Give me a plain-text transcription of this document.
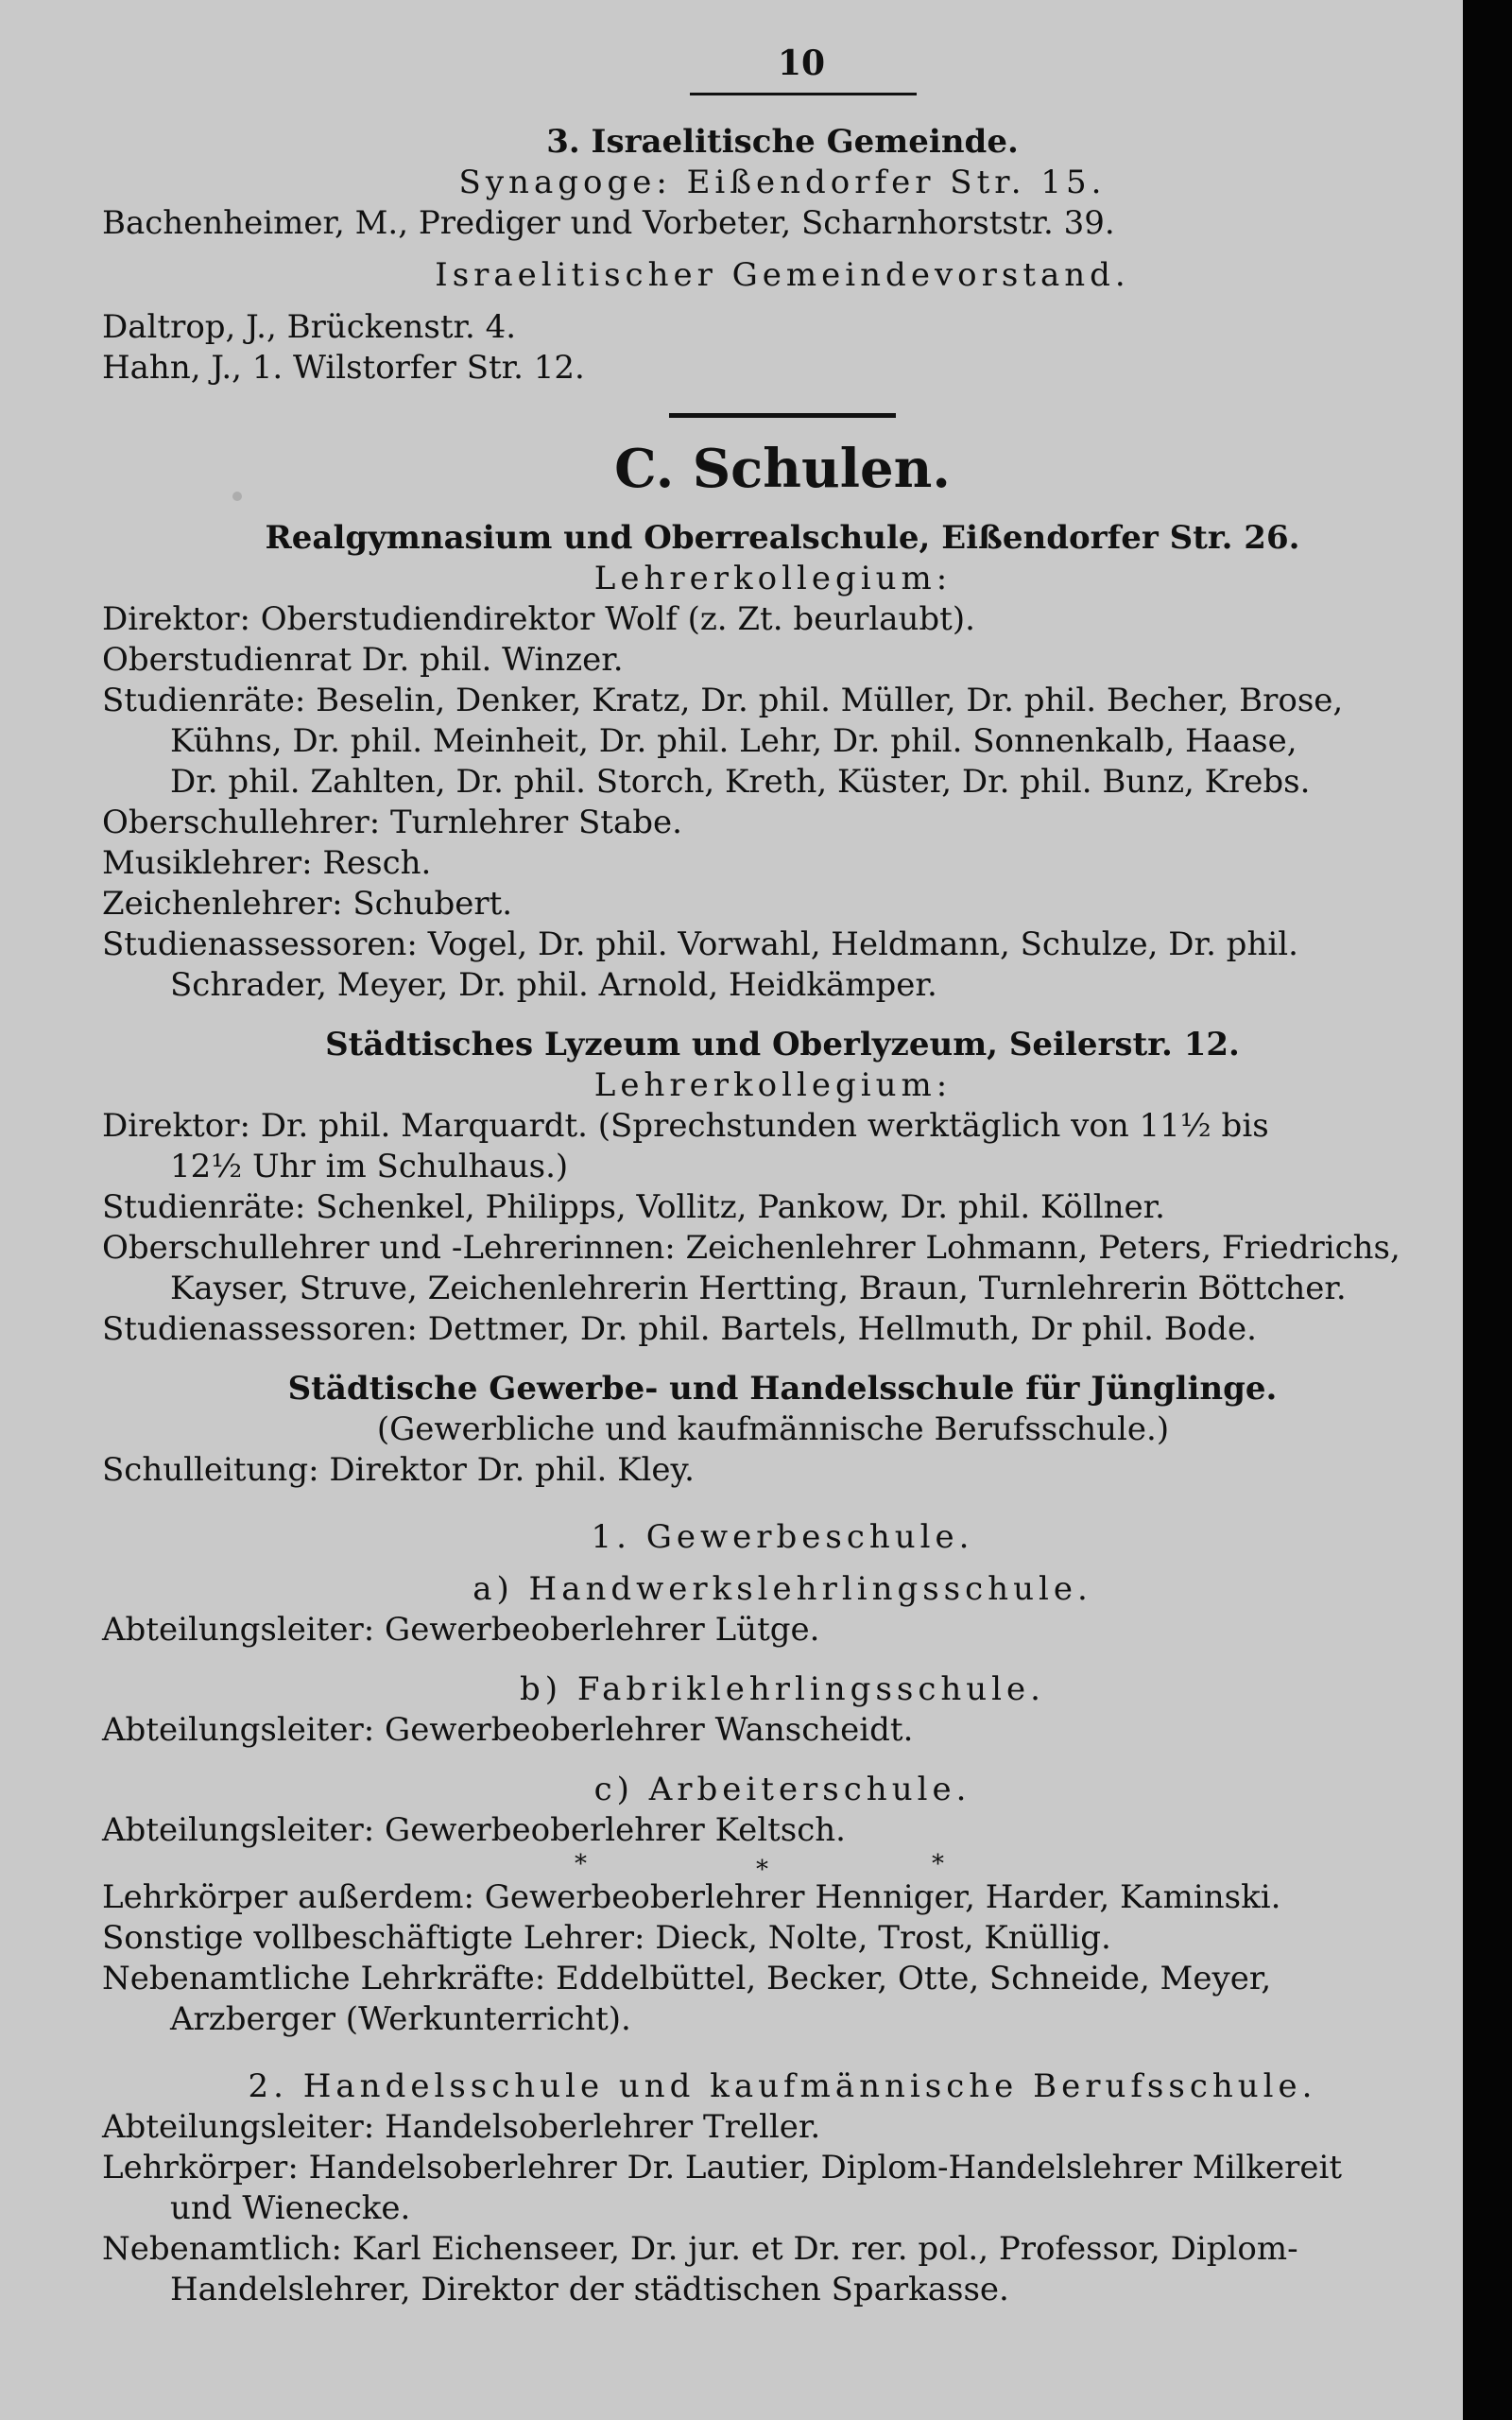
10
3. Israelitische Gemeinde.
Synagoge: Eißendorfer Str. 15.
Bachenheimer, M., Prediger und Vorbeter, Scharnhorststr. 39.
Israelitischer Gemeindevorstand.
Daltrop, J., Brückenstr. 4.
Hahn, J., 1. Wilstorfer Str. 12.
C. Schulen.
Realgymnasium und Oberrealschule, Eißendorfer Str. 26.
Lehrerkollegium:
Direktor: Oberstudiendirektor Wolf (z. Zt. beurlaubt).
Oberstudienrat Dr. phil. Winzer.
Studienräte: Beselin, Denker, Kratz, Dr. phil. Müller, Dr. phil. Becher, Brose,
Kühns, Dr. phil. Meinheit, Dr. phil. Lehr, Dr. phil. Sonnenkalb, Haase,
Dr. phil. Zahlten, Dr. phil. Storch, Kreth, Küster, Dr. phil. Bunz, Krebs.
Oberschullehrer: Turnlehrer Stabe.
Musiklehrer: Resch.
Zeichenlehrer: Schubert.
Studienassessoren: Vogel, Dr. phil. Vorwahl, Heldmann, Schulze, Dr. phil.
Schrader, Meyer, Dr. phil. Arnold, Heidkämper.
Städtisches Lyzeum und Oberlyzeum, Seilerstr. 12.
Lehrerkollegium:
Direktor: Dr. phil. Marquardt. (Sprechstunden werktäglich von 11½ bis
12½ Uhr im Schulhaus.)
Studienräte: Schenkel, Philipps, Vollitz, Pankow, Dr. phil. Köllner.
Oberschullehrer und -Lehrerinnen: Zeichenlehrer Lohmann, Peters, Friedrichs,
Kayser, Struve, Zeichenlehrerin Hertting, Braun, Turnlehrerin Böttcher.
Studienassessoren: Dettmer, Dr. phil. Bartels, Hellmuth, Dr phil. Bode.
Städtische Gewerbe- und Handelsschule für Jünglinge.
(Gewerbliche und kaufmännische Berufsschule.)
Schulleitung: Direktor Dr. phil. Kley.
1. Gewerbeschule.
a) Handwerkslehrlingsschule.
Abteilungsleiter: Gewerbeoberlehrer Lütge.
b) Fabriklehrlingsschule.
Abteilungsleiter: Gewerbeoberlehrer Wanscheidt.
c) Arbeiterschule.
Abteilungsleiter: Gewerbeoberlehrer Keltsch.
*	*	*
Lehrkörper außerdem: Gewerbeoberlehrer Henniger, Harder, Kaminski.
Sonstige vollbeschäftigte Lehrer: Dieck, Nolte, Trost, Knüllig.
Nebenamtliche Lehrkräfte: Eddelbüttel, Becker, Otte, Schneide, Meyer,
Arzberger (Werkunterricht).
2. Handelsschule und kaufmännische Berufsschule.
Abteilungsleiter: Handelsoberlehrer Treller.
Lehrkörper: Handelsoberlehrer Dr. Lautier, Diplom-Handelslehrer Milkereit
und Wienecke.
Nebenamtlich: Karl Eichenseer, Dr. jur. et Dr. rer. pol., Professor, Diplom-
Handelslehrer, Direktor der städtischen Sparkasse.
